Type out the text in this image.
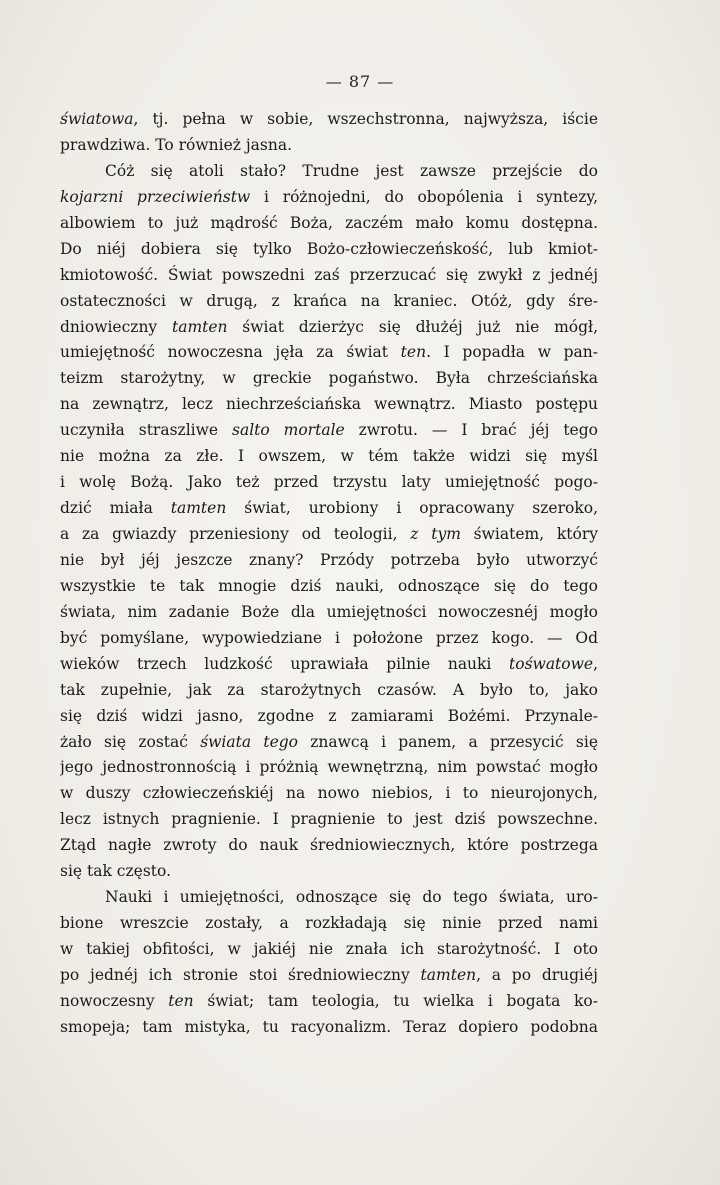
— 87 —
światowa, tj. pełna w sobie, wszechstronna, najwyższa, iście
prawdziwa. To również jasna.
Cóż się atoli stało? Trudne jest zawsze przejście do
kojarzni przeciwieństw i różnojedni, do obopólenia i syntezy,
albowiem to już mądrość Boża, zaczém mało komu dostępna.
Do niéj dobiera się tylko Bożo-człowieczeńskość, lub kmiot-
kmiotowość. Świat powszedni zaś przerzucać się zwykł z jednéj
ostateczności w drugą, z krańca na kraniec. Otóż, gdy śre-
dniowieczny tamten świat dzierżyc się dłużéj już nie mógł,
umiejętność nowoczesna jęła za świat ten. I popadła w pan-
teizm starożytny, w greckie pogaństwo. Była chrześciańska
na zewnątrz, lecz niechrześciańska wewnątrz. Miasto postępu
uczyniła straszliwe salto mortale zwrotu. — I brać jéj tego
nie można za złe. I owszem, w tém także widzi się myśl
i wolę Bożą. Jako też przed trzystu laty umiejętność pogo-
dzić miała tamten świat, urobiony i opracowany szeroko,
a za gwiazdy przeniesiony od teologii, z tym światem, który
nie był jéj jeszcze znany? Przódy potrzeba było utworzyć
wszystkie te tak mnogie dziś nauki, odnoszące się do tego
świata, nim zadanie Boże dla umiejętności nowoczesnéj mogło
być pomyślane, wypowiedziane i położone przez kogo. — Od
wieków trzech ludzkość uprawiała pilnie nauki tośwatowe,
tak zupełnie, jak za starożytnych czasów. A było to, jako
się dziś widzi jasno, zgodne z zamiarami Bożémi. Przynale-
żało się zostać świata tego znawcą i panem, a przesycić się
jego jednostronnością i próżnią wewnętrzną, nim powstać mogło
w duszy człowieczeńskiéj na nowo niebios, i to nieurojonych,
lecz istnych pragnienie. I pragnienie to jest dziś powszechne.
Ztąd nagłe zwroty do nauk średniowiecznych, które postrzega
się tak często.
Nauki i umiejętności, odnoszące się do tego świata, uro-
bione wreszcie zostały, a rozkładają się ninie przed nami
w takiej obfitości, w jakiéj nie znała ich starożytność. I oto
po jednéj ich stronie stoi średniowieczny tamten, a po drugiéj
nowoczesny ten świat; tam teologia, tu wielka i bogata ko-
smopeja; tam mistyka, tu racyonalizm. Teraz dopiero podobna
